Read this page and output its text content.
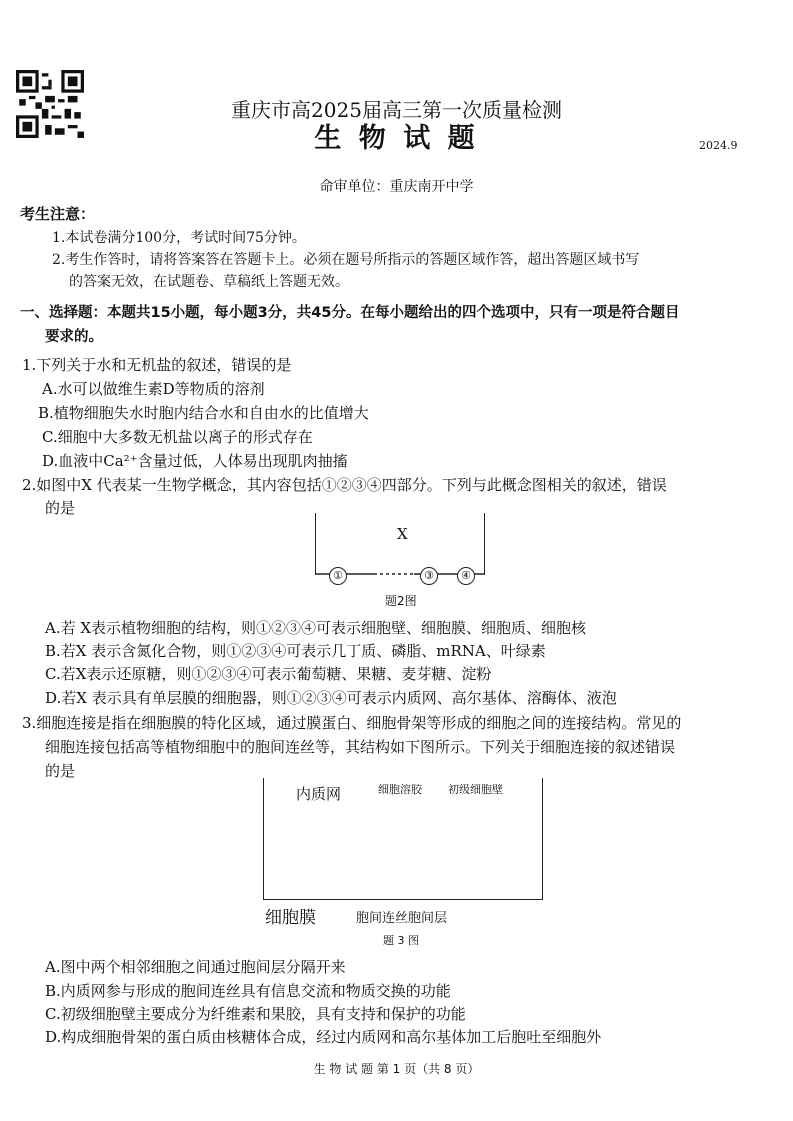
重庆市高2025届高三第一次质量检测
生 物 试 题	2024.9
命审单位：重庆南开中学
考生注意：
1.本试卷满分100分，考试时间75分钟。
2.考生作答时，请将答案答在答题卡上。必须在题号所指示的答题区域作答，超出答题区域书写
的答案无效，在试题卷、草稿纸上答题无效。
一、选择题：本题共15小题，每小题3分，共45分。在每小题给出的四个选项中，只有一项是符合题目
要求的。
1.下列关于水和无机盐的叙述，错误的是
A.水可以做维生素D等物质的溶剂
B.植物细胞失水时胞内结合水和自由水的比值增大
C.细胞中大多数无机盐以离子的形式存在
D.血液中Ca²⁺含量过低，人体易出现肌肉抽搐
2.如图中X 代表某一生物学概念，其内容包括①②③④四部分。下列与此概念图相关的叙述，错误
的是
X
①	③	④
题2图
A.若 X表示植物细胞的结构，则①②③④可表示细胞壁、细胞膜、细胞质、细胞核
B.若X 表示含氮化合物，则①②③④可表示几丁质、磷脂、mRNA、叶绿素
C.若X表示还原糖，则①②③④可表示葡萄糖、果糖、麦芽糖、淀粉
D.若X 表示具有单层膜的细胞器，则①②③④可表示内质网、高尔基体、溶酶体、液泡
3.细胞连接是指在细胞膜的特化区域，通过膜蛋白、细胞骨架等形成的细胞之间的连接结构。常见的
细胞连接包括高等植物细胞中的胞间连丝等，其结构如下图所示。下列关于细胞连接的叙述错误
的是
内质网	细胞溶胶 初级细胞壁
细胞膜	胞间连丝胞间层
题 3 图
A.图中两个相邻细胞之间通过胞间层分隔开来
B.内质网参与形成的胞间连丝具有信息交流和物质交换的功能
C.初级细胞壁主要成分为纤维素和果胶，具有支持和保护的功能
D.构成细胞骨架的蛋白质由核糖体合成，经过内质网和高尔基体加工后胞吐至细胞外
生 物 试 题 第 1 页（共 8 页）
